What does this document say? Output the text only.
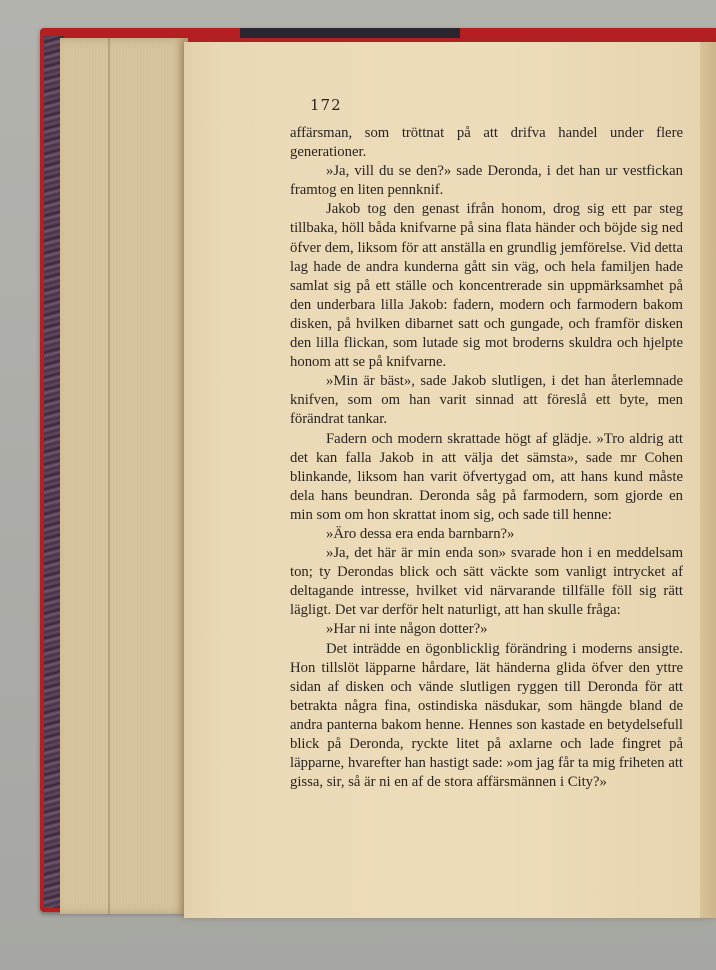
172

affärsman, som tröttnat på att drifva handel under flere generationer.

»Ja, vill du se den?» sade Deronda, i det han ur vestfickan framtog en liten pennknif.

Jakob tog den genast ifrån honom, drog sig ett par steg tillbaka, höll båda knifvarne på sina flata händer och böjde sig ned öfver dem, liksom för att anställa en grundlig jemförelse. Vid detta lag hade de andra kunderna gått sin väg, och hela familjen hade samlat sig på ett ställe och koncentrerade sin uppmärksamhet på den underbara lilla Jakob: fadern, modern och farmodern bakom disken, på hvilken dibarnet satt och gungade, och framför disken den lilla flickan, som lutade sig mot broderns skuldra och hjelpte honom att se på knifvarne.

»Min är bäst», sade Jakob slutligen, i det han återlemnade knifven, som om han varit sinnad att föreslå ett byte, men förändrat tankar.

Fadern och modern skrattade högt af glädje. »Tro aldrig att det kan falla Jakob in att välja det sämsta», sade mr Cohen blinkande, liksom han varit öfvertygad om, att hans kund måste dela hans beundran. Deronda såg på farmodern, som gjorde en min som om hon skrattat inom sig, och sade till henne:

»Äro dessa era enda barnbarn?»

»Ja, det här är min enda son» svarade hon i en meddelsam ton; ty Derondas blick och sätt väckte som vanligt intrycket af deltagande intresse, hvilket vid närvarande tillfälle föll sig rätt lägligt. Det var derför helt naturligt, att han skulle fråga:

»Har ni inte någon dotter?»

Det inträdde en ögonblicklig förändring i moderns ansigte. Hon tillslöt läpparne hårdare, lät händerna glida öfver den yttre sidan af disken och vände slutligen ryggen till Deronda för att betrakta några fina, ostindiska näsdukar, som hängde bland de andra panterna bakom henne. Hennes son kastade en betydelsefull blick på Deronda, ryckte litet på axlarne och lade fingret på läpparne, hvarefter han hastigt sade: »om jag får ta mig friheten att gissa, sir, så är ni en af de stora affärsmännen i City?»
